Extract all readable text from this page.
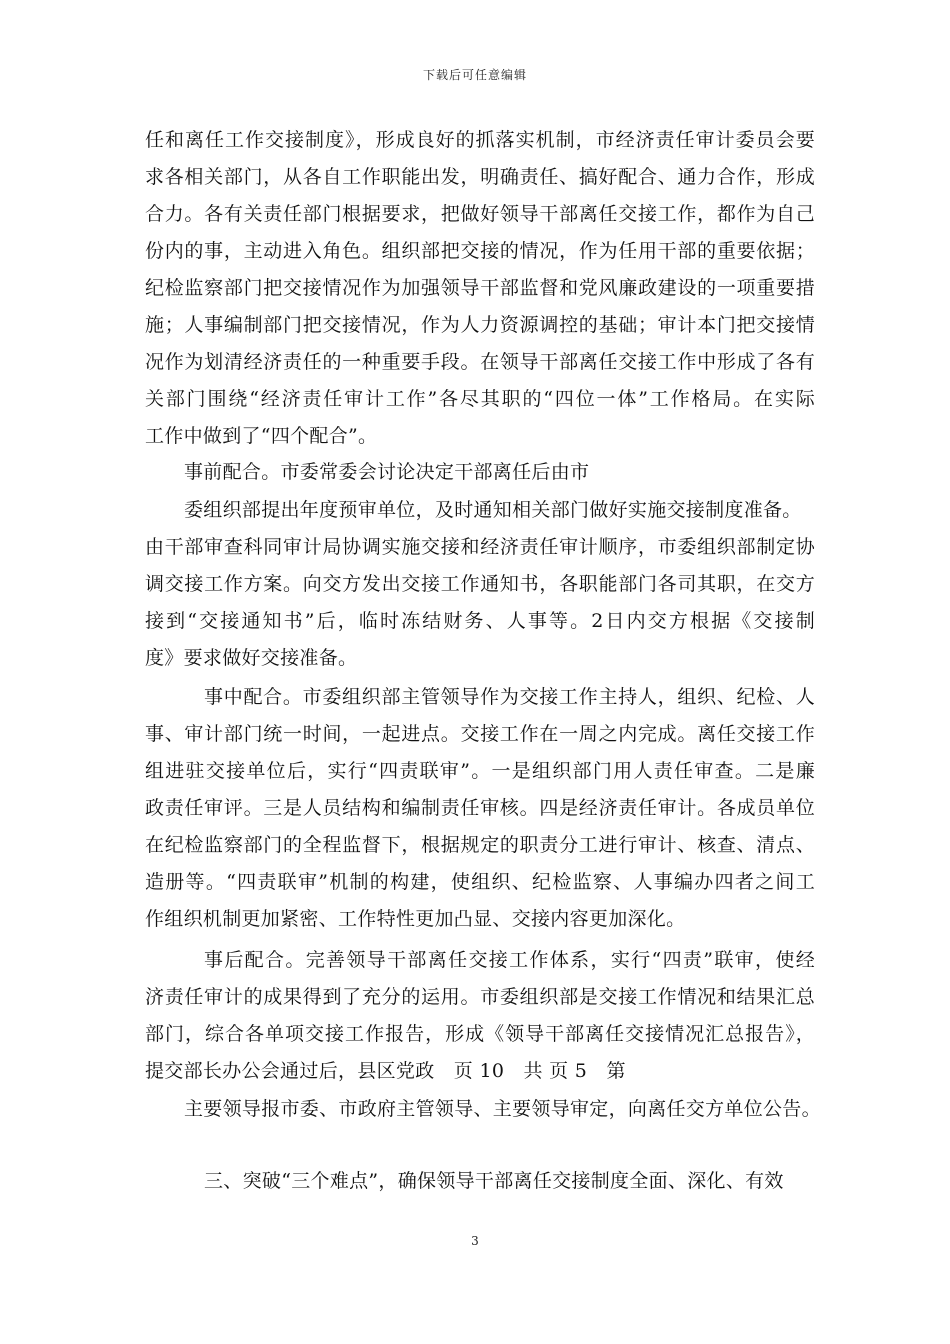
下载后可任意编辑
任和离任工作交接制度》，形成良好的抓落实机制，市经济责任审计委员会要
求各相关部门，从各自工作职能出发，明确责任、搞好配合、通力合作，形成
合力。各有关责任部门根据要求，把做好领导干部离任交接工作，都作为自己
份内的事，主动进入角色。组织部把交接的情况，作为任用干部的重要依据；
纪检监察部门把交接情况作为加强领导干部监督和党风廉政建设的一项重要措
施；人事编制部门把交接情况，作为人力资源调控的基础；审计本门把交接情
况作为划清经济责任的一种重要手段。在领导干部离任交接工作中形成了各有
关部门围绕“经济责任审计工作”各尽其职的“四位一体”工作格局。在实际
工作中做到了“四个配合”。
事前配合。市委常委会讨论决定干部离任后由市
委组织部提出年度预审单位，及时通知相关部门做好实施交接制度准备。
由干部审查科同审计局协调实施交接和经济责任审计顺序，市委组织部制定协
调交接工作方案。向交方发出交接工作通知书，各职能部门各司其职，在交方
接到“交接通知书”后，临时冻结财务、人事等。2日内交方根据《交接制
度》要求做好交接准备。
事中配合。市委组织部主管领导作为交接工作主持人，组织、纪检、人
事、审计部门统一时间，一起进点。交接工作在一周之内完成。离任交接工作
组进驻交接单位后，实行“四责联审”。一是组织部门用人责任审查。二是廉
政责任审评。三是人员结构和编制责任审核。四是经济责任审计。各成员单位
在纪检监察部门的全程监督下，根据规定的职责分工进行审计、核查、清点、
造册等。“四责联审”机制的构建，使组织、纪检监察、人事编办四者之间工
作组织机制更加紧密、工作特性更加凸显、交接内容更加深化。
事后配合。完善领导干部离任交接工作体系，实行“四责”联审，使经
济责任审计的成果得到了充分的运用。市委组织部是交接工作情况和结果汇总
部门，综合各单项交接工作报告，形成《领导干部离任交接情况汇总报告》，
提交部长办公会通过后，县区党政　页 10　共 页 5　第
主要领导报市委、市政府主管领导、主要领导审定，向离任交方单位公告。
三、突破“三个难点”，确保领导干部离任交接制度全面、深化、有效
3
